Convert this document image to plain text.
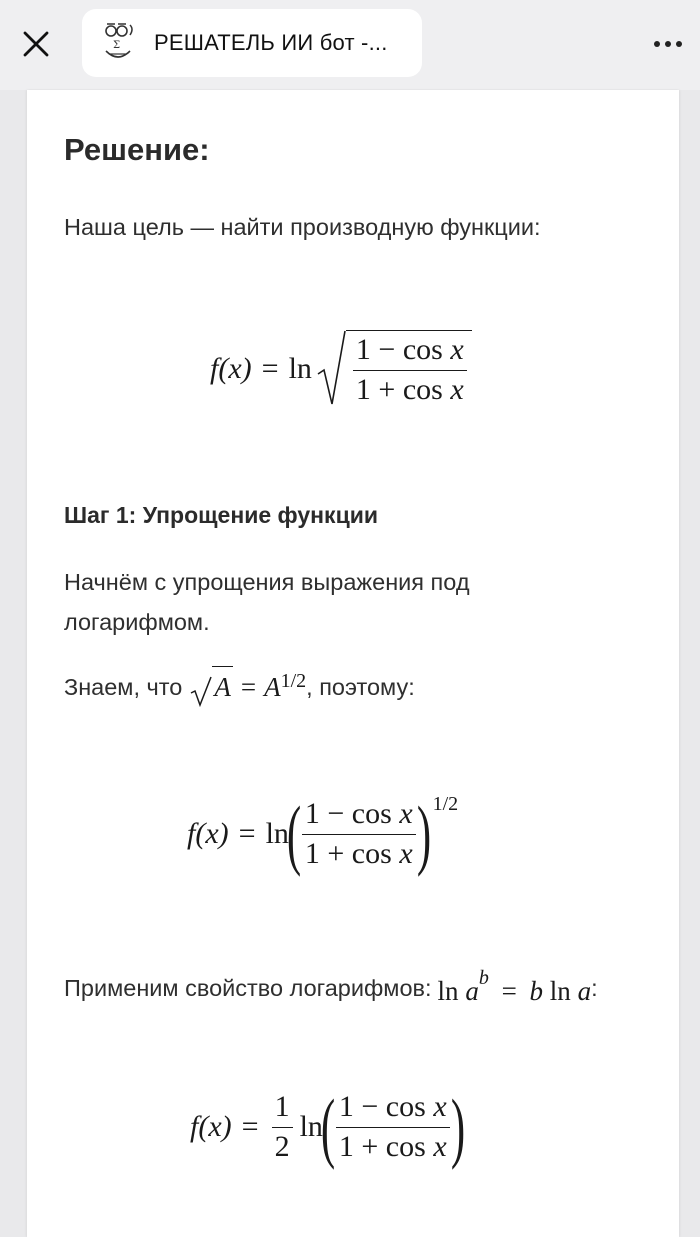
Σ РЕШАТЕЛЬ ИИ бот -...
Решение:

Наша цель — найти производную функции:

$f(x) = \ln \frac{\text{1 − cos x}}{\text{1 + cos x}}$
Шаг 1: Упрощение функции

Начнём с упрощения выражения под логарифмом.

Знаем, что A = A 1/2 , поэтому:
f(x) = ln
( $\frac{\text{1 − cos x}}{\text{1 + cos x}}$ ) 1/2
Применим свойство логарифмов: $\ln a^b = b$ ln a :
$f(x) = \frac{1}{2}$ ln
( $\frac{\text{1 − cos x}}{\text{1 + cos x}}$ )
